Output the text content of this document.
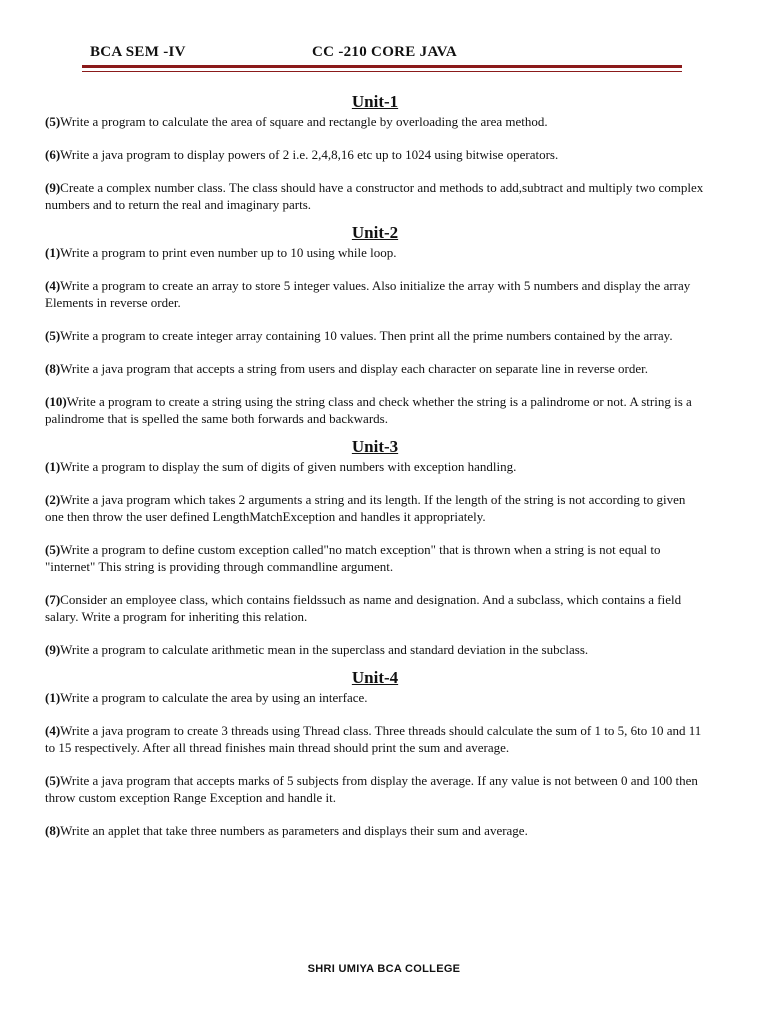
BCA SEM -IV	CC -210 CORE JAVA
Unit-1

(5)Write a program to calculate the area of square and rectangle by overloading the area method.

(6)Write a java program to display powers of 2 i.e. 2,4,8,16 etc up to 1024 using bitwise operators.

(9)Create a complex number class. The class should have a constructor and methods to add,subtract and multiply two complex numbers and to return the real and imaginary parts.

Unit-2

(1)Write a program to print even number up to 10 using while loop.

(4)Write a program to create an array to store 5 integer values. Also initialize the array with 5 numbers and display the array Elements in reverse order.

(5)Write a program to create integer array containing 10 values. Then print all the prime numbers contained by the array.

(8)Write a java program that accepts a string from users and display each character on separate line in reverse order.

(10)Write a program to create a string using the string class and check whether the string is a palindrome or not. A string is a palindrome that is spelled the same both forwards and backwards.

Unit-3

(1)Write a program to display the sum of digits of given numbers with exception handling.

(2)Write a java program which takes 2 arguments a string and its length. If the length of the string is not according to given one then throw the user defined LengthMatchException and handles it appropriately.

(5)Write a program to define custom exception called"no match exception" that is thrown when a string is not equal to "internet" This string is providing through commandline argument.

(7)Consider an employee class, which contains fieldssuch as name and designation. And a subclass, which contains a field salary. Write a program for inheriting this relation.

(9)Write a program to calculate arithmetic mean in the superclass and standard deviation in the subclass.

Unit-4

(1)Write a program to calculate the area by using an interface.

(4)Write a java program to create 3 threads using Thread class. Three threads should calculate the sum of 1 to 5, 6to 10 and 11 to 15 respectively. After all thread finishes main thread should print the sum and average.

(5)Write a java program that accepts marks of 5 subjects from display the average. If any value is not between 0 and 100 then throw custom exception Range Exception and handle it.

(8)Write an applet that take three numbers as parameters and displays their sum and average.

SHRI UMIYA BCA COLLEGE
